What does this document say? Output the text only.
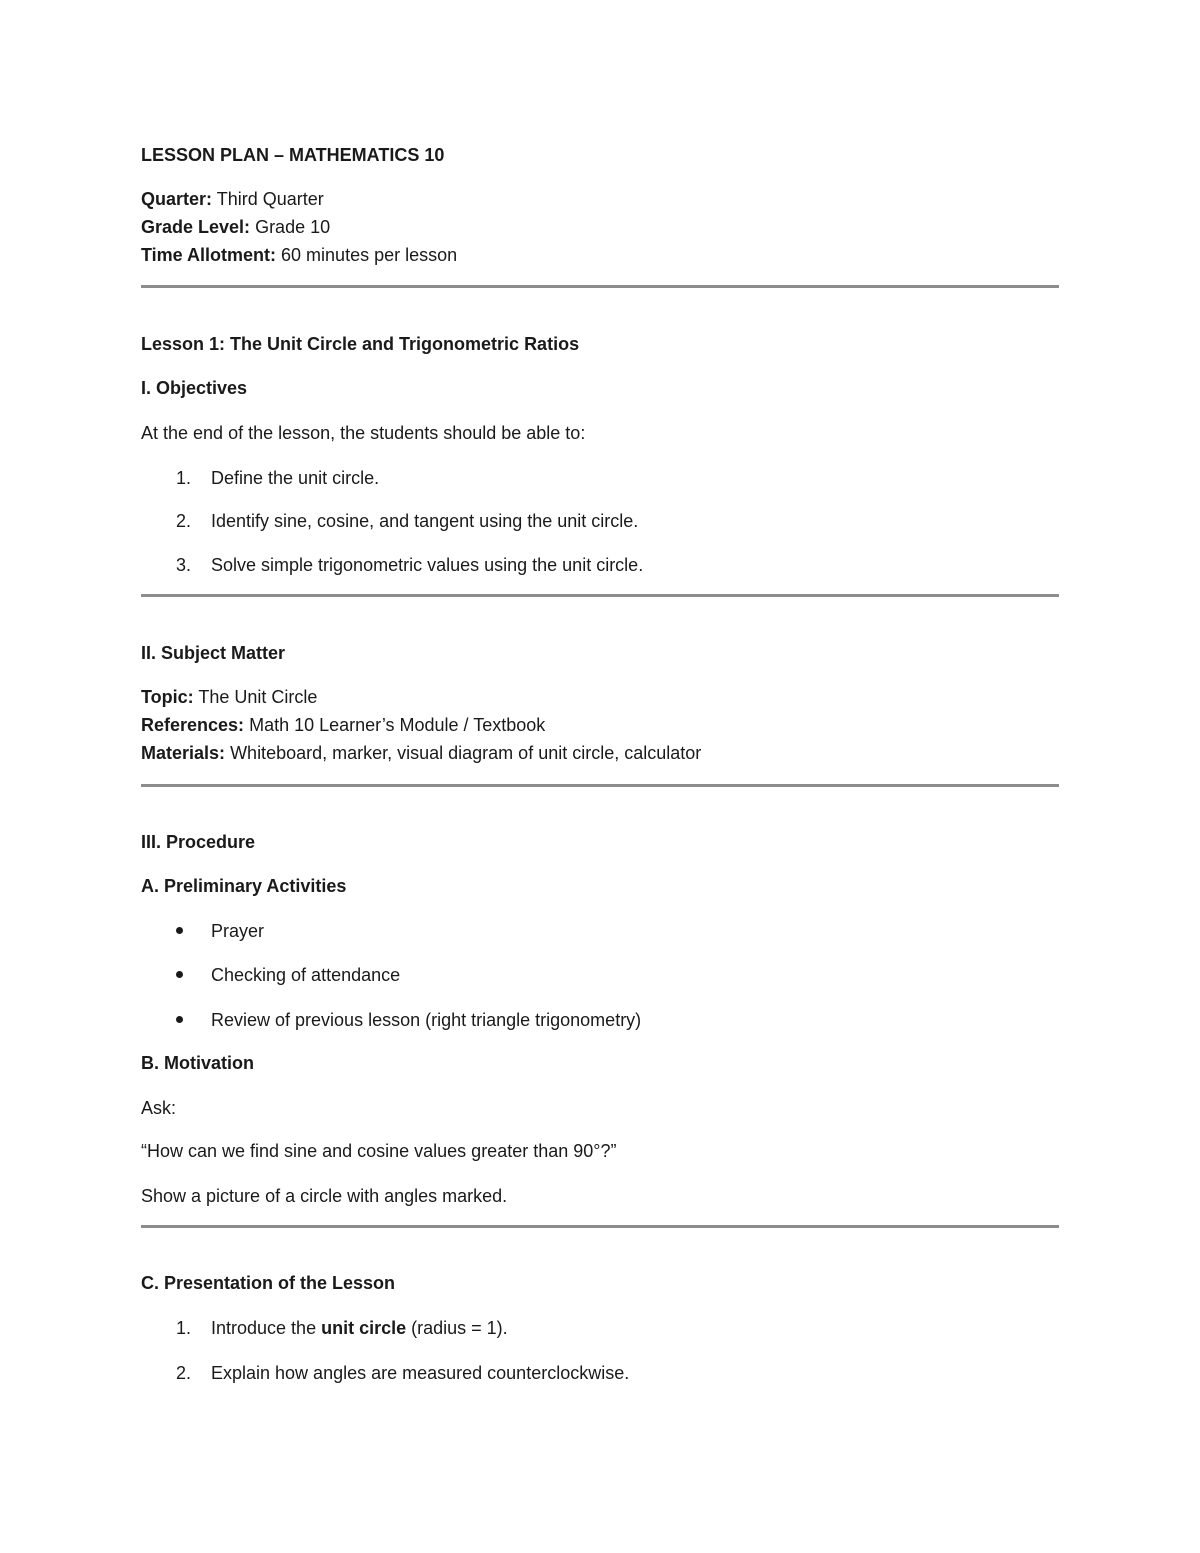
LESSON PLAN – MATHEMATICS 10
Quarter: Third Quarter
Grade Level: Grade 10
Time Allotment: 60 minutes per lesson
Lesson 1: The Unit Circle and Trigonometric Ratios
I. Objectives
At the end of the lesson, the students should be able to:
1. Define the unit circle.
2. Identify sine, cosine, and tangent using the unit circle.
3. Solve simple trigonometric values using the unit circle.
II. Subject Matter
Topic: The Unit Circle
References: Math 10 Learner’s Module / Textbook
Materials: Whiteboard, marker, visual diagram of unit circle, calculator
III. Procedure
A. Preliminary Activities
Prayer
Checking of attendance
Review of previous lesson (right triangle trigonometry)
B. Motivation
Ask:
“How can we find sine and cosine values greater than 90°?”
Show a picture of a circle with angles marked.
C. Presentation of the Lesson
1. Introduce the unit circle (radius = 1).
2. Explain how angles are measured counterclockwise.
